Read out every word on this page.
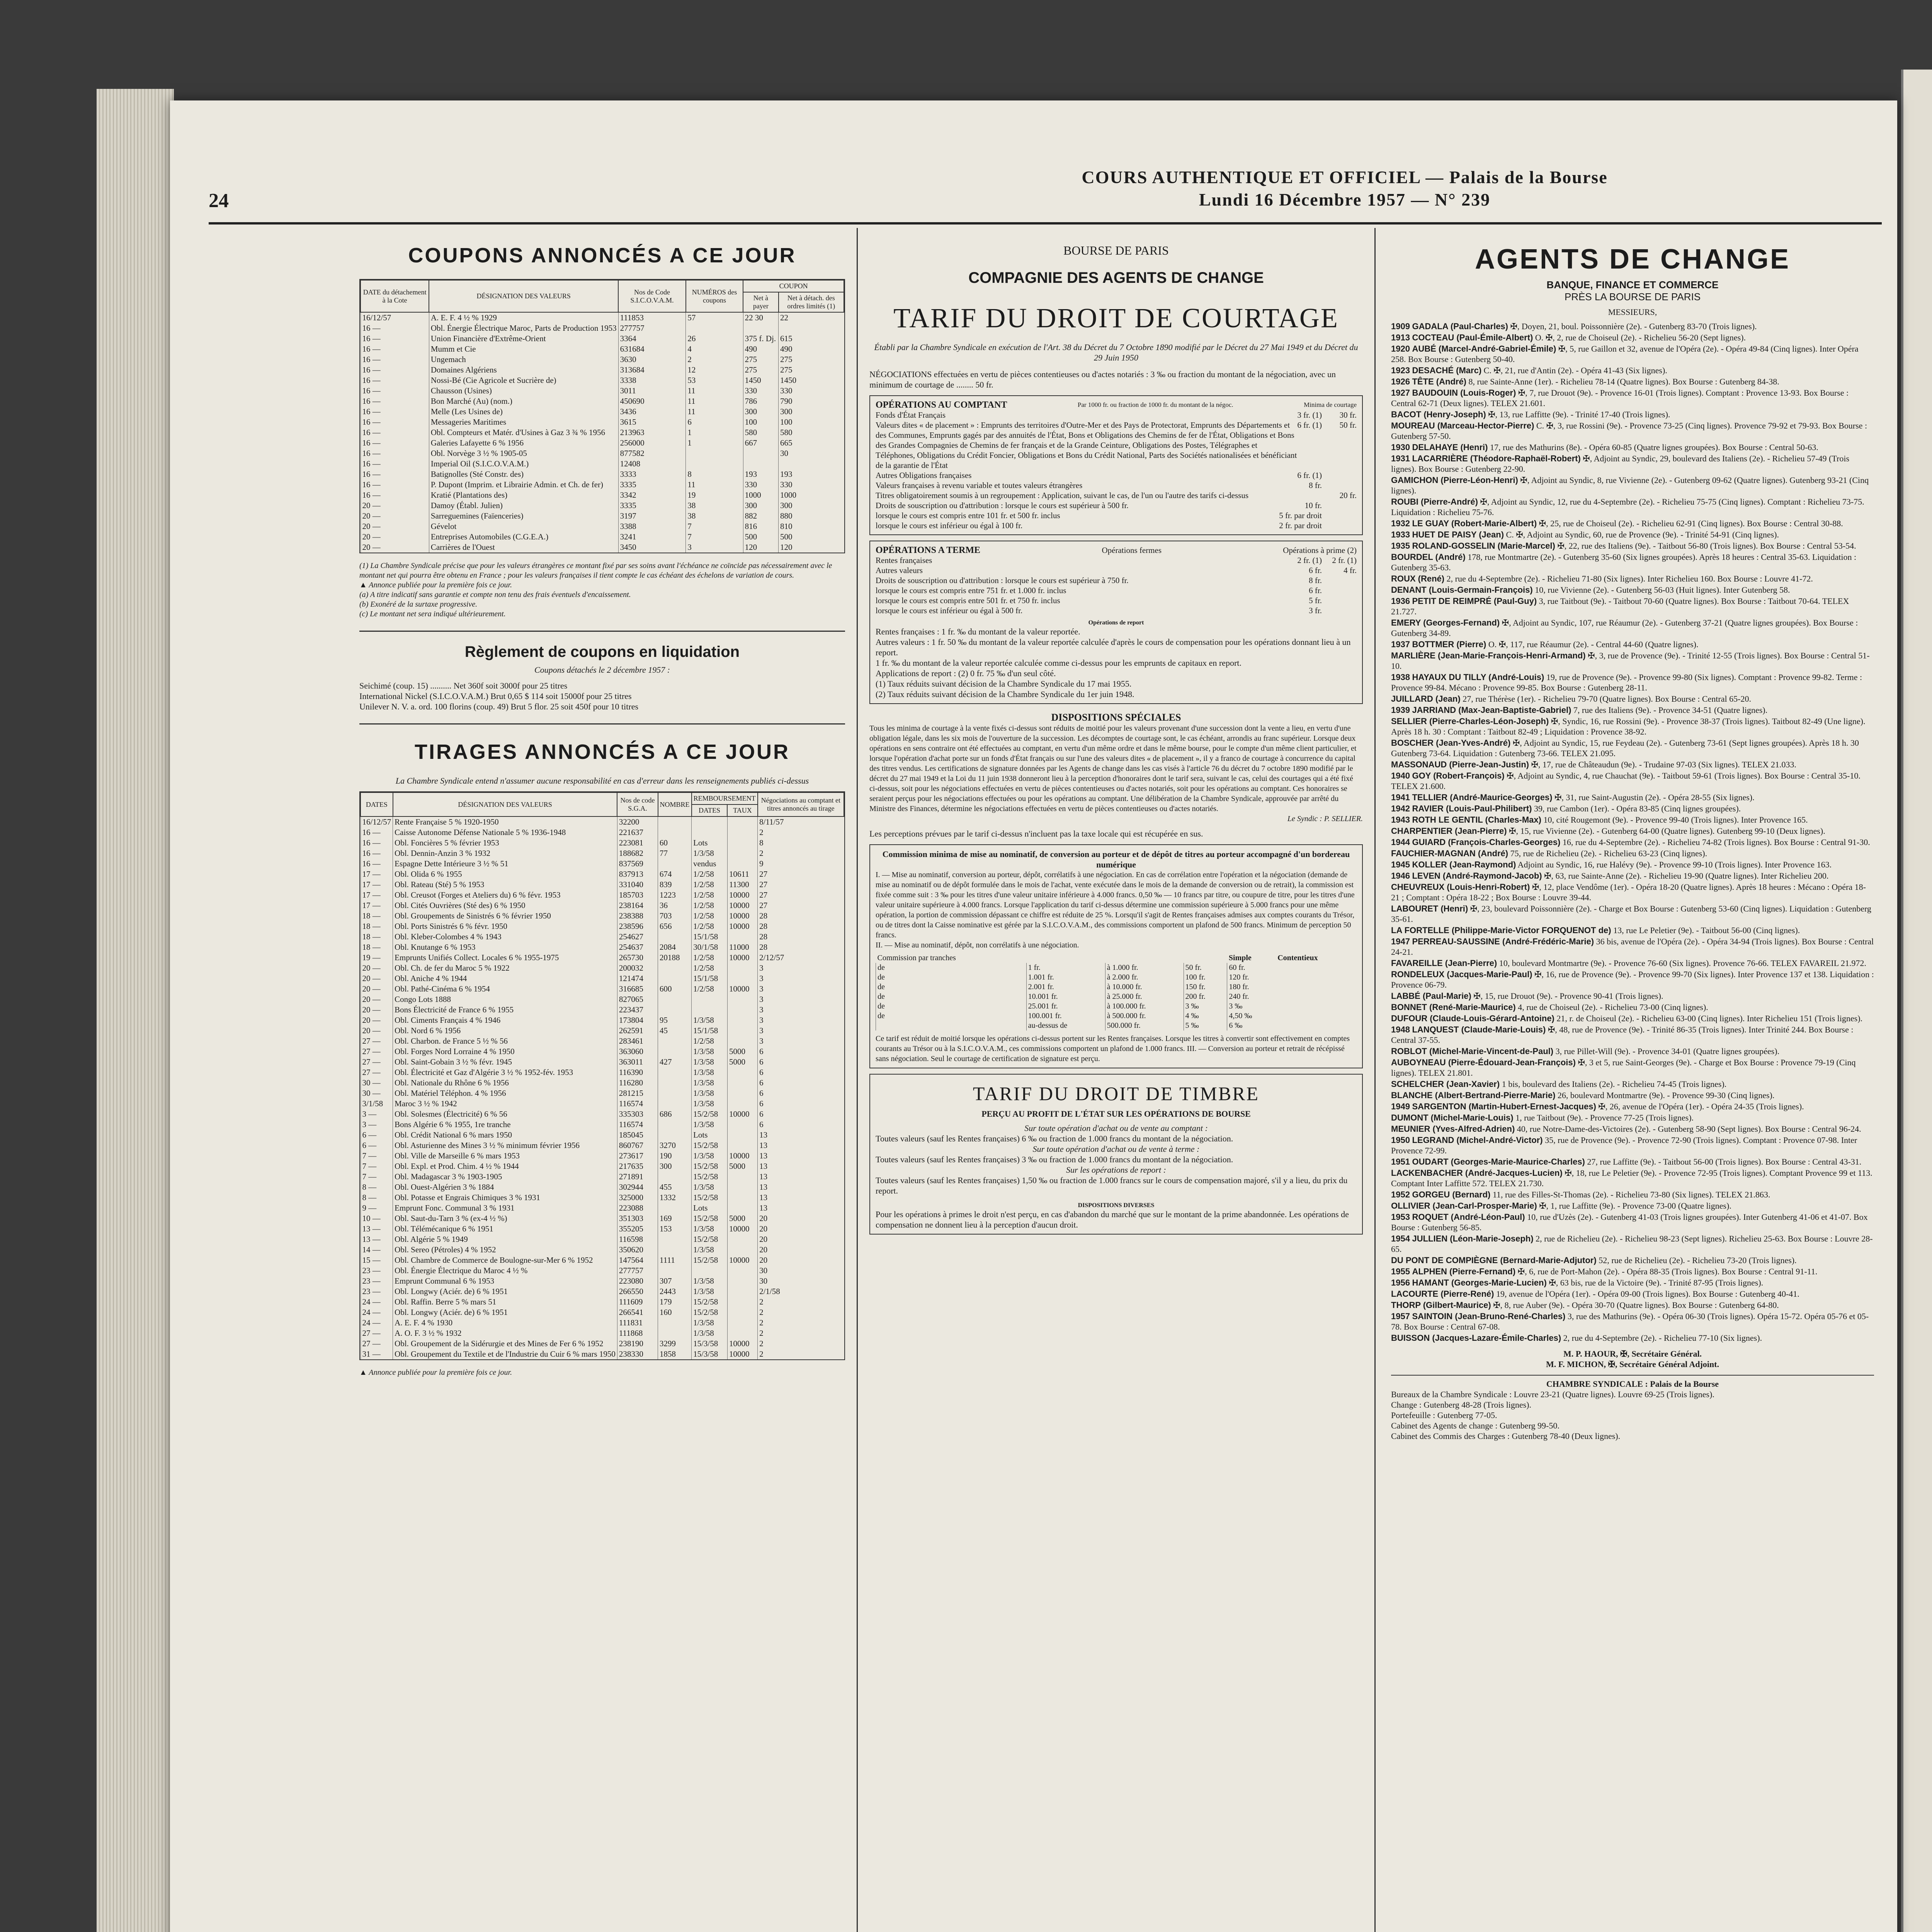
24
COURS AUTHENTIQUE ET OFFICIEL — Palais de la Bourse
Lundi 16 Décembre 1957 — N° 239
COUPONS ANNONCÉS A CE JOUR
DATE du détachement à la Cote	DÉSIGNATION DES VALEURS	Nos de Code S.I.C.O.V.A.M.	NUMÉROS des coupons	COUPON	
				Net à payer	Net à détach. des ordres limités (1)
16/12/57	A. E. F. 4 ½ % 1929	111853	57	22 30	22
16 —	Obl. Énergie Électrique Maroc, Parts de Production 1953	277757			
16 —	Union Financière d'Extrême-Orient	3364	26	375 f. Dj.	615
16 —	Mumm et Cie	631684	4	490	490
16 —	Ungemach	3630	2	275	275
16 —	Domaines Algériens	313684	12	275	275
16 —	Nossi-Bé (Cie Agricole et Sucrière de)	3338	53	1450	1450
16 —	Chausson (Usines)	3011	11	330	330
16 —	Bon Marché (Au) (nom.)	450690	11	786	790
16 —	Melle (Les Usines de)	3436	11	300	300
16 —	Messageries Maritimes	3615	6	100	100
16 —	Obl. Compteurs et Matér. d'Usines à Gaz 3 ¾ % 1956	213963	1	580	580
16 —	Galeries Lafayette 6 % 1956	256000	1	667	665
16 —	Obl. Norvège 3 ½ % 1905-05	877582			30
16 —	Imperial Oil (S.I.C.O.V.A.M.)	12408			
16 —	Batignolles (Sté Constr. des)	3333	8	193	193
16 —	P. Dupont (Imprim. et Librairie Admin. et Ch. de fer)	3335	11	330	330
16 —	Kratié (Plantations des)	3342	19	1000	1000
20 —	Damoy (Établ. Julien)	3335	38	300	300
20 —	Sarreguemines (Faïenceries)	3197	38	882	880
20 —	Gévelot	3388	7	816	810
20 —	Entreprises Automobiles (C.G.E.A.)	3241	7	500	500
20 —	Carrières de l'Ouest	3450	3	120	120
(1) La Chambre Syndicale précise que pour les valeurs étrangères ce montant fixé par ses soins avant l'échéance ne coïncide pas nécessairement avec le montant net qui pourra être obtenu en France ; pour les valeurs françaises il tient compte le cas échéant des échelons de variation de cours.
▲ Annonce publiée pour la première fois ce jour.
(a) A titre indicatif sans garantie et compte non tenu des frais éventuels d'encaissement.
(b) Exonéré de la surtaxe progressive.
(c) Le montant net sera indiqué ultérieurement.
Règlement de coupons en liquidation
Coupons détachés le 2 décembre 1957 :
Seichimé (coup. 15) .......... Net 360f soit 3000f pour 25 titres
International Nickel (S.I.C.O.V.A.M.) Brut 0,65 $ 114 soit 15000f pour 25 titres
Unilever N. V. a. ord. 100 florins (coup. 49) Brut 5 flor. 25 soit 450f pour 10 titres
TIRAGES ANNONCÉS A CE JOUR
La Chambre Syndicale entend n'assumer aucune responsabilité en cas d'erreur dans les renseignements publiés ci-dessus
DATES	DÉSIGNATION DES VALEURS	Nos de code S.G.A.	NOMBRE	REMBOURSEMENT		Négociations au comptant et titres annoncés au tirage
				DATES	TAUX	
16/12/57	Rente Française 5 % 1920-1950	32200				8/11/57
16 —	Caisse Autonome Défense Nationale 5 % 1936-1948	221637				2
16 —	Obl. Foncières 5 % février 1953	223081	60	Lots		8
16 —	Obl. Dennin-Anzin 3 % 1932	188682	77	1/3/58		2
16 —	Espagne Dette Intérieure 3 ½ % 51	837569		vendus		9
17 —	Obl. Olida 6 % 1955	837913	674	1/2/58	10611	27
17 —	Obl. Rateau (Sté) 5 % 1953	331040	839	1/2/58	11300	27
17 —	Obl. Creusot (Forges et Ateliers du) 6 % févr. 1953	185703	1223	1/2/58	10000	27
17 —	Obl. Cités Ouvrières (Sté des) 6 % 1950	238164	36	1/2/58	10000	27
18 —	Obl. Groupements de Sinistrés 6 % février 1950	238388	703	1/2/58	10000	28
18 —	Obl. Ports Sinistrés 6 % févr. 1950	238596	656	1/2/58	10000	28
18 —	Obl. Kleber-Colombes 4 % 1943	254627		15/1/58		28
18 —	Obl. Knutange 6 % 1953	254637	2084	30/1/58	11000	28
19 —	Emprunts Unifiés Collect. Locales 6 % 1955-1975	265730	20188	1/2/58	10000	2/12/57
20 —	Obl. Ch. de fer du Maroc 5 % 1922	200032		1/2/58		3
20 —	Obl. Aniche 4 % 1944	121474		15/1/58		3
20 —	Obl. Pathé-Cinéma 6 % 1954	316685	600	1/2/58	10000	3
20 —	Congo Lots 1888	827065				3
20 —	Bons Électricité de France 6 % 1955	223437				3
20 —	Obl. Ciments Français 4 % 1946	173804	95	1/3/58		3
20 —	Obl. Nord 6 % 1956	262591	45	15/1/58		3
27 —	Obl. Charbon. de France 5 ½ % 56	283461		1/2/58		3
27 —	Obl. Forges Nord Lorraine 4 % 1950	363060		1/3/58	5000	6
27 —	Obl. Saint-Gobain 3 ½ % févr. 1945	363011	427	1/3/58	5000	6
27 —	Obl. Électricité et Gaz d'Algérie 3 ½ % 1952-fév. 1953	116390		1/3/58		6
30 —	Obl. Nationale du Rhône 6 % 1956	116280		1/3/58		6
30 —	Obl. Matériel Téléphon. 4 % 1956	281215		1/3/58		6
3/1/58	Maroc 3 ½ % 1942	116574		1/3/58		6
3 —	Obl. Solesmes (Électricité) 6 % 56	335303	686	15/2/58	10000	6
3 —	Bons Algérie 6 % 1955, 1re tranche	116574		1/3/58		6
6 —	Obl. Crédit National 6 % mars 1950	185045		Lots		13
6 —	Obl. Asturienne des Mines 3 ½ % minimum février 1956	860767	3270	15/2/58		13
7 —	Obl. Ville de Marseille 6 % mars 1953	273617	190	1/3/58	10000	13
7 —	Obl. Expl. et Prod. Chim. 4 ½ % 1944	217635	300	15/2/58	5000	13
7 —	Obl. Madagascar 3 % 1903-1905	271891		15/2/58		13
8 —	Obl. Ouest-Algérien 3 % 1884	302944	455	1/3/58		13
8 —	Obl. Potasse et Engrais Chimiques 3 % 1931	325000	1332	15/2/58		13
9 —	Emprunt Fonc. Communal 3 % 1931	223088		Lots		13
10 —	Obl. Saut-du-Tarn 3 % (ex-4 ½ %)	351303	169	15/2/58	5000	20
13 —	Obl. Télémécanique 6 % 1951	355205	153	1/3/58	10000	20
13 —	Obl. Algérie 5 % 1949	116598		15/2/58		20
14 —	Obl. Sereo (Pétroles) 4 % 1952	350620		1/3/58		20
15 —	Obl. Chambre de Commerce de Boulogne-sur-Mer 6 % 1952	147564	1111	15/2/58	10000	20
23 —	Obl. Énergie Électrique du Maroc 4 ½ %	277757				30
23 —	Emprunt Communal 6 % 1953	223080	307	1/3/58		30
23 —	Obl. Longwy (Aciér. de) 6 % 1951	266550	2443	1/3/58		2/1/58
24 —	Obl. Raffin. Berre 5 % mars 51	111609	179	15/2/58		2
24 —	Obl. Longwy (Aciér. de) 6 % 1951	266541	160	15/2/58		2
24 —	A. E. F. 4 % 1930	111831		1/3/58		2
27 —	A. O. F. 3 ½ % 1932	111868		1/3/58		2
27 —	Obl. Groupement de la Sidérurgie et des Mines de Fer 6 % 1952	238190	3299	15/3/58	10000	2
31 —	Obl. Groupement du Textile et de l'Industrie du Cuir 6 % mars 1950	238330	1858	15/3/58	10000	2
▲ Annonce publiée pour la première fois ce jour.
BOURSE DE PARIS
COMPAGNIE DES AGENTS DE CHANGE
TARIF DU DROIT DE COURTAGE
Établi par la Chambre Syndicale en exécution de l'Art. 38 du Décret du 7 Octobre 1890 modifié par le Décret du 27 Mai 1949 et du Décret du 29 Juin 1950
NÉGOCIATIONS effectuées en vertu de pièces contentieuses ou d'actes notariés : 3 ‰ ou fraction du montant de la négociation, avec un minimum de courtage de ........ 50 fr.
OPÉRATIONS AU COMPTANT	Par 1000 fr. ou fraction de 1000 fr. du montant de la négoc.	Minima de courtage
Fonds d'État Français	3 fr. (1)	30 fr.
Valeurs dites « de placement » : Emprunts des territoires d'Outre-Mer et des Pays de Protectorat, Emprunts des Départements et des Communes, Emprunts gagés par des annuités de l'État, Bons et Obligations des Chemins de fer de l'État, Obligations et Bons des Grandes Compagnies de Chemins de fer français et de la Grande Ceinture, Obligations des Postes, Télégraphes et Téléphones, Obligations du Crédit Foncier, Obligations et Bons du Crédit National, Parts des Sociétés nationalisées et bénéficiant de la garantie de l'État
6 fr. (1)	50 fr.
Autres Obligations françaises	6 fr. (1)
Valeurs françaises à revenu variable et toutes valeurs étrangères	8 fr.
Titres obligatoirement soumis à un regroupement : Application, suivant le cas, de l'un ou l'autre des tarifs ci-dessus	20 fr.
Droits de souscription ou d'attribution : lorsque le cours est supérieur à 500 fr.	10 fr.
lorsque le cours est compris entre 101 fr. et 500 fr. inclus	5 fr. par droit
lorsque le cours est inférieur ou égal à 100 fr.	2 fr. par droit
OPÉRATIONS A TERME	Opérations fermes	Opérations à prime (2)
Rentes françaises	2 fr. (1)	2 fr. (1)
Autres valeurs	6 fr.	4 fr.
Droits de souscription ou d'attribution : lorsque le cours est supérieur à 750 fr.	8 fr.
lorsque le cours est compris entre 751 fr. et 1.000 fr. inclus	6 fr.
lorsque le cours est compris entre 501 fr. et 750 fr. inclus	5 fr.
lorsque le cours est inférieur ou égal à 500 fr.	3 fr.
Opérations de report
Rentes françaises : 1 fr. ‰ du montant de la valeur reportée.
Autres valeurs : 1 fr. 50 ‰ du montant de la valeur reportée calculée d'après le cours de compensation pour les opérations donnant lieu à un report.
1 fr. ‰ du montant de la valeur reportée calculée comme ci-dessus pour les emprunts de capitaux en report.
Applications de report : (2) 0 fr. 75 ‰ d'un seul côté.
(1) Taux réduits suivant décision de la Chambre Syndicale du 17 mai 1955.
(2) Taux réduits suivant décision de la Chambre Syndicale du 1er juin 1948.
DISPOSITIONS SPÉCIALES
Tous les minima de courtage à la vente fixés ci-dessus sont réduits de moitié pour les valeurs provenant d'une succession dont la vente a lieu, en vertu d'une obligation légale, dans les six mois de l'ouverture de la succession. Les décomptes de courtage sont, le cas échéant, arrondis au franc supérieur. Lorsque deux opérations en sens contraire ont été effectuées au comptant, en vertu d'un même ordre et dans le même bourse, pour le compte d'un même client particulier, et lorsque l'opération d'achat porte sur un fonds d'État français ou sur l'une des valeurs dites « de placement », il y a franco de courtage à concurrence du capital des titres vendus. Les certifications de signature données par les Agents de change dans les cas visés à l'article 76 du décret du 7 octobre 1890 modifié par le décret du 27 mai 1949 et la Loi du 11 juin 1938 donneront lieu à la perception d'honoraires dont le tarif sera, suivant le cas, celui des courtages qui a été fixé ci-dessus, soit pour les négociations effectuées en vertu de pièces contentieuses ou d'actes notariés, soit pour les opérations au comptant. Ces honoraires se seraient perçus pour les négociations effectuées ou pour les opérations au comptant. Une délibération de la Chambre Syndicale, approuvée par arrêté du Ministre des Finances, détermine les négociations effectuées en vertu de pièces contentieuses ou d'actes notariés.
Le Syndic : P. SELLIER.
Les perceptions prévues par le tarif ci-dessus n'incluent pas la taxe locale qui est récupérée en sus.
Commission minima de mise au nominatif, de conversion au porteur et de dépôt de titres au porteur accompagné d'un bordereau numérique
I. — Mise au nominatif, conversion au porteur, dépôt, corrélatifs à une négociation. En cas de corrélation entre l'opération et la négociation (demande de mise au nominatif ou de dépôt formulée dans le mois de l'achat, vente exécutée dans le mois de la demande de conversion ou de retrait), la commission est fixée comme suit : 3 ‰ pour les titres d'une valeur unitaire inférieure à 4.000 francs. 0,50 ‰ — 10 francs par titre, ou coupure de titre, pour les titres d'une valeur unitaire supérieure à 4.000 francs. Lorsque l'application du tarif ci-dessus détermine une commission supérieure à 5.000 francs pour une même opération, la portion de commission dépassant ce chiffre est réduite de 25 %. Lorsqu'il s'agit de Rentes françaises admises aux comptes courants du Trésor, ou de titres dont la Caisse nominative est gérée par la S.I.C.O.V.A.M., des commissions comportent un plafond de 500 francs. Minimum de perception 50 francs.
II. — Mise au nominatif, dépôt, non corrélatifs à une négociation.
Commission par tranches				Simple	Contentieux
de	1 fr.	à 1.000 fr.	50 fr.	60 fr.	
de	1.001 fr.	à 2.000 fr.	100 fr.	120 fr.	
de	2.001 fr.	à 10.000 fr.	150 fr.	180 fr.	
de	10.001 fr.	à 25.000 fr.	200 fr.	240 fr.	
de	25.001 fr.	à 100.000 fr.	3 ‰	3 ‰	
de	100.001 fr.	à 500.000 fr.	4 ‰	4,50 ‰	
	au-dessus de	500.000 fr.	5 ‰	6 ‰	
Ce tarif est réduit de moitié lorsque les opérations ci-dessus portent sur les Rentes françaises. Lorsque les titres à convertir sont effectivement en comptes courants au Trésor ou à la S.I.C.O.V.A.M., ces commissions comportent un plafond de 1.000 francs. III. — Conversion au porteur et retrait de récépissé sans négociation. Seul le courtage de certification de signature est perçu.
TARIF DU DROIT DE TIMBRE
PERÇU AU PROFIT DE L'ÉTAT SUR LES OPÉRATIONS DE BOURSE
Sur toute opération d'achat ou de vente au comptant :
Toutes valeurs (sauf les Rentes françaises) 6 ‰ ou fraction de 1.000 francs du montant de la négociation.
Sur toute opération d'achat ou de vente à terme :
Toutes valeurs (sauf les Rentes françaises) 3 ‰ ou fraction de 1.000 francs du montant de la négociation.
Sur les opérations de report :
Toutes valeurs (sauf les Rentes françaises) 1,50 ‰ ou fraction de 1.000 francs sur le cours de compensation majoré, s'il y a lieu, du prix du report.
DISPOSITIONS DIVERSES
Pour les opérations à primes le droit n'est perçu, en cas d'abandon du marché que sur le montant de la prime abandonnée. Les opérations de compensation ne donnent lieu à la perception d'aucun droit.
AGENTS DE CHANGE
BANQUE, FINANCE ET COMMERCE
PRÈS LA BOURSE DE PARIS
MESSIEURS,
1909 GADALA (Paul-Charles) ✠, Doyen, 21, boul. Poissonnière (2e). - Gutenberg 83-70 (Trois lignes).
1913 COCTEAU (Paul-Émile-Albert) O. ✠, 2, rue de Choiseul (2e). - Richelieu 56-20 (Sept lignes).
1920 AUBÉ (Marcel-André-Gabriel-Émile) ✠, 5, rue Gaillon et 32, avenue de l'Opéra (2e). - Opéra 49-84 (Cinq lignes). Inter Opéra 258. Box Bourse : Gutenberg 50-40.
1923 DESACHÉ (Marc) C. ✠, 21, rue d'Antin (2e). - Opéra 41-43 (Six lignes).
1926 TÊTE (André) 8, rue Sainte-Anne (1er). - Richelieu 78-14 (Quatre lignes). Box Bourse : Gutenberg 84-38.
1927 BAUDOUIN (Louis-Roger) ✠, 7, rue Drouot (9e). - Provence 16-01 (Trois lignes). Comptant : Provence 13-93. Box Bourse : Central 62-71 (Deux lignes). TELEX 21.601.
BACOT (Henry-Joseph) ✠, 13, rue Laffitte (9e). - Trinité 17-40 (Trois lignes).
MOUREAU (Marceau-Hector-Pierre) C. ✠, 3, rue Rossini (9e). - Provence 73-25 (Cinq lignes). Provence 79-92 et 79-93. Box Bourse : Gutenberg 57-50.
1930 DELAHAYE (Henri) 17, rue des Mathurins (8e). - Opéra 60-85 (Quatre lignes groupées). Box Bourse : Central 50-63.
1931 LACARRIÈRE (Théodore-Raphaël-Robert) ✠, Adjoint au Syndic, 29, boulevard des Italiens (2e). - Richelieu 57-49 (Trois lignes). Box Bourse : Gutenberg 22-90.
GAMICHON (Pierre-Léon-Henri) ✠, Adjoint au Syndic, 8, rue Vivienne (2e). - Gutenberg 09-62 (Quatre lignes). Gutenberg 93-21 (Cinq lignes).
ROUBI (Pierre-André) ✠, Adjoint au Syndic, 12, rue du 4-Septembre (2e). - Richelieu 75-75 (Cinq lignes). Comptant : Richelieu 73-75. Liquidation : Richelieu 75-76.
1932 LE GUAY (Robert-Marie-Albert) ✠, 25, rue de Choiseul (2e). - Richelieu 62-91 (Cinq lignes). Box Bourse : Central 30-88.
1933 HUET DE PAISY (Jean) C. ✠, Adjoint au Syndic, 60, rue de Provence (9e). - Trinité 54-91 (Cinq lignes).
1935 ROLAND-GOSSELIN (Marie-Marcel) ✠, 22, rue des Italiens (9e). - Taitbout 56-80 (Trois lignes). Box Bourse : Central 53-54.
BOURDEL (André) 178, rue Montmartre (2e). - Gutenberg 35-60 (Six lignes groupées). Après 18 heures : Central 35-63. Liquidation : Gutenberg 35-63.
ROUX (René) 2, rue du 4-Septembre (2e). - Richelieu 71-80 (Six lignes). Inter Richelieu 160. Box Bourse : Louvre 41-72.
DENANT (Louis-Germain-François) 10, rue Vivienne (2e). - Gutenberg 56-03 (Huit lignes). Inter Gutenberg 58.
1936 PETIT DE REIMPRÉ (Paul-Guy) 3, rue Taitbout (9e). - Taitbout 70-60 (Quatre lignes). Box Bourse : Taitbout 70-64. TELEX 21.727.
EMERY (Georges-Fernand) ✠, Adjoint au Syndic, 107, rue Réaumur (2e). - Gutenberg 37-21 (Quatre lignes groupées). Box Bourse : Gutenberg 34-89.
1937 BOTTMER (Pierre) O. ✠, 117, rue Réaumur (2e). - Central 44-60 (Quatre lignes).
MARLIÈRE (Jean-Marie-François-Henri-Armand) ✠, 3, rue de Provence (9e). - Trinité 12-55 (Trois lignes). Box Bourse : Central 51-10.
1938 HAYAUX DU TILLY (André-Louis) 19, rue de Provence (9e). - Provence 99-80 (Six lignes). Comptant : Provence 99-82. Terme : Provence 99-84. Mécano : Provence 99-85. Box Bourse : Gutenberg 28-11.
JUILLARD (Jean) 27, rue Thérèse (1er). - Richelieu 79-70 (Quatre lignes). Box Bourse : Central 65-20.
1939 JARRIAND (Max-Jean-Baptiste-Gabriel) 7, rue des Italiens (9e). - Provence 34-51 (Quatre lignes).
SELLIER (Pierre-Charles-Léon-Joseph) ✠, Syndic, 16, rue Rossini (9e). - Provence 38-37 (Trois lignes). Taitbout 82-49 (Une ligne). Après 18 h. 30 : Comptant : Taitbout 82-49 ; Liquidation : Provence 38-92.
BOSCHER (Jean-Yves-André) ✠, Adjoint au Syndic, 15, rue Feydeau (2e). - Gutenberg 73-61 (Sept lignes groupées). Après 18 h. 30 Gutenberg 73-64. Liquidation : Gutenberg 73-66. TELEX 21.095.
MASSONAUD (Pierre-Jean-Justin) ✠, 17, rue de Châteaudun (9e). - Trudaine 97-03 (Six lignes). TELEX 21.033.
1940 GOY (Robert-François) ✠, Adjoint au Syndic, 4, rue Chauchat (9e). - Taitbout 59-61 (Trois lignes). Box Bourse : Central 35-10. TELEX 21.600.
1941 TELLIER (André-Maurice-Georges) ✠, 31, rue Saint-Augustin (2e). - Opéra 28-55 (Six lignes).
1942 RAVIER (Louis-Paul-Philibert) 39, rue Cambon (1er). - Opéra 83-85 (Cinq lignes groupées).
1943 ROTH LE GENTIL (Charles-Max) 10, cité Rougemont (9e). - Provence 99-40 (Trois lignes). Inter Provence 165.
CHARPENTIER (Jean-Pierre) ✠, 15, rue Vivienne (2e). - Gutenberg 64-00 (Quatre lignes). Gutenberg 99-10 (Deux lignes).
1944 GUIARD (François-Charles-Georges) 16, rue du 4-Septembre (2e). - Richelieu 74-82 (Trois lignes). Box Bourse : Central 91-30.
FAUCHIER-MAGNAN (André) 75, rue de Richelieu (2e). - Richelieu 63-23 (Cinq lignes).
1945 KOLLER (Jean-Raymond) Adjoint au Syndic, 16, rue Halévy (9e). - Provence 99-10 (Trois lignes). Inter Provence 163.
1946 LEVEN (André-Raymond-Jacob) ✠, 63, rue Sainte-Anne (2e). - Richelieu 19-90 (Quatre lignes). Inter Richelieu 200.
CHEUVREUX (Louis-Henri-Robert) ✠, 12, place Vendôme (1er). - Opéra 18-20 (Quatre lignes). Après 18 heures : Mécano : Opéra 18-21 ; Comptant : Opéra 18-22 ; Box Bourse : Louvre 39-44.
LABOURET (Henri) ✠, 23, boulevard Poissonnière (2e). - Charge et Box Bourse : Gutenberg 53-60 (Cinq lignes). Liquidation : Gutenberg 35-61.
LA FORTELLE (Philippe-Marie-Victor FORQUENOT de) 13, rue Le Peletier (9e). - Taitbout 56-00 (Cinq lignes).
1947 PERREAU-SAUSSINE (André-Frédéric-Marie) 36 bis, avenue de l'Opéra (2e). - Opéra 34-94 (Trois lignes). Box Bourse : Central 24-21.
FAVAREILLE (Jean-Pierre) 10, boulevard Montmartre (9e). - Provence 76-60 (Six lignes). Provence 76-66. TELEX FAVAREIL 21.972.
RONDELEUX (Jacques-Marie-Paul) ✠, 16, rue de Provence (9e). - Provence 99-70 (Six lignes). Inter Provence 137 et 138. Liquidation : Provence 06-79.
LABBÉ (Paul-Marie) ✠, 15, rue Drouot (9e). - Provence 90-41 (Trois lignes).
BONNET (René-Marie-Maurice) 4, rue de Choiseul (2e). - Richelieu 73-00 (Cinq lignes).
DUFOUR (Claude-Louis-Gérard-Antoine) 21, r. de Choiseul (2e). - Richelieu 63-00 (Cinq lignes). Inter Richelieu 151 (Trois lignes).
1948 LANQUEST (Claude-Marie-Louis) ✠, 48, rue de Provence (9e). - Trinité 86-35 (Trois lignes). Inter Trinité 244. Box Bourse : Central 37-55.
ROBLOT (Michel-Marie-Vincent-de-Paul) 3, rue Pillet-Will (9e). - Provence 34-01 (Quatre lignes groupées).
AUBOYNEAU (Pierre-Édouard-Jean-François) ✠, 3 et 5, rue Saint-Georges (9e). - Charge et Box Bourse : Provence 79-19 (Cinq lignes). TELEX 21.801.
SCHELCHER (Jean-Xavier) 1 bis, boulevard des Italiens (2e). - Richelieu 74-45 (Trois lignes).
BLANCHE (Albert-Bertrand-Pierre-Marie) 26, boulevard Montmartre (9e). - Provence 99-30 (Cinq lignes).
1949 SARGENTON (Martin-Hubert-Ernest-Jacques) ✠, 26, avenue de l'Opéra (1er). - Opéra 24-35 (Trois lignes).
DUMONT (Michel-Marie-Louis) 1, rue Taitbout (9e). - Provence 77-25 (Trois lignes).
MEUNIER (Yves-Alfred-Adrien) 40, rue Notre-Dame-des-Victoires (2e). - Gutenberg 58-90 (Sept lignes). Box Bourse : Central 96-24.
1950 LEGRAND (Michel-André-Victor) 35, rue de Provence (9e). - Provence 72-90 (Trois lignes). Comptant : Provence 07-98. Inter Provence 72-99.
1951 OUDART (Georges-Marie-Maurice-Charles) 27, rue Laffitte (9e). - Taitbout 56-00 (Trois lignes). Box Bourse : Central 43-31.
LACKENBACHER (André-Jacques-Lucien) ✠, 18, rue Le Peletier (9e). - Provence 72-95 (Trois lignes). Comptant Provence 99 et 113. Comptant Inter Laffitte 572. TELEX 21.730.
1952 GORGEU (Bernard) 11, rue des Filles-St-Thomas (2e). - Richelieu 73-80 (Six lignes). TELEX 21.863.
OLLIVIER (Jean-Carl-Prosper-Marie) ✠, 1, rue Laffitte (9e). - Provence 73-00 (Quatre lignes).
1953 ROQUET (André-Léon-Paul) 10, rue d'Uzès (2e). - Gutenberg 41-03 (Trois lignes groupées). Inter Gutenberg 41-06 et 41-07. Box Bourse : Gutenberg 56-85.
1954 JULLIEN (Léon-Marie-Joseph) 2, rue de Richelieu (2e). - Richelieu 98-23 (Sept lignes). Richelieu 25-63. Box Bourse : Louvre 28-65.
DU PONT DE COMPIÈGNE (Bernard-Marie-Adjutor) 52, rue de Richelieu (2e). - Richelieu 73-20 (Trois lignes).
1955 ALPHEN (Pierre-Fernand) ✠, 6, rue de Port-Mahon (2e). - Opéra 88-35 (Trois lignes). Box Bourse : Central 91-11.
1956 HAMANT (Georges-Marie-Lucien) ✠, 63 bis, rue de la Victoire (9e). - Trinité 87-95 (Trois lignes).
LACOURTE (Pierre-René) 19, avenue de l'Opéra (1er). - Opéra 09-00 (Trois lignes). Box Bourse : Gutenberg 40-41.
THORP (Gilbert-Maurice) ✠, 8, rue Auber (9e). - Opéra 30-70 (Quatre lignes). Box Bourse : Gutenberg 64-80.
1957 SAINTOIN (Jean-Bruno-René-Charles) 3, rue des Mathurins (9e). - Opéra 06-30 (Trois lignes). Opéra 15-72. Opéra 05-76 et 05-78. Box Bourse : Central 67-08.
BUISSON (Jacques-Lazare-Émile-Charles) 2, rue du 4-Septembre (2e). - Richelieu 77-10 (Six lignes).
M. P. HAOUR, ✠, Secrétaire Général.
M. F. MICHON, ✠, Secrétaire Général Adjoint.
CHAMBRE SYNDICALE : Palais de la Bourse
Bureaux de la Chambre Syndicale : Louvre 23-21 (Quatre lignes). Louvre 69-25 (Trois lignes).
Change : Gutenberg 48-28 (Trois lignes).
Portefeuille : Gutenberg 77-05.
Cabinet des Agents de change : Gutenberg 99-50.
Cabinet des Commis des Charges : Gutenberg 78-40 (Deux lignes).
